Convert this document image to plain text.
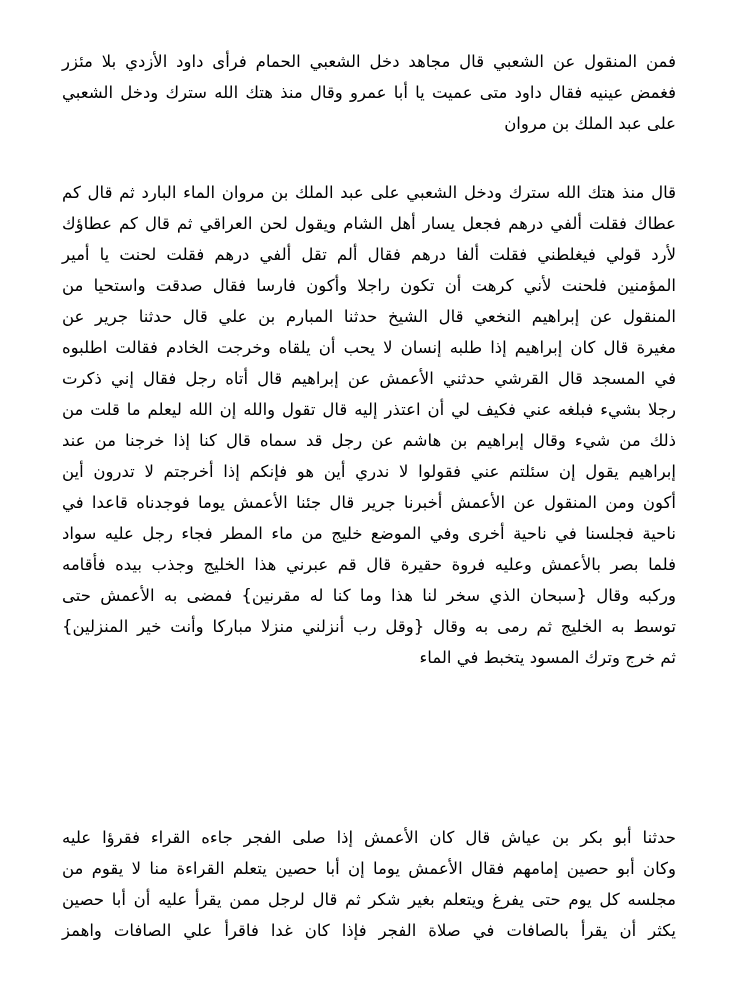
فمن المنقول عن الشعبي قال مجاهد دخل الشعبي الحمام فرأى داود الأزدي بلا مئزر
فغمض عينيه فقال داود متى عميت يا أبا عمرو وقال منذ هتك الله سترك ودخل الشعبي
على عبد الملك بن مروان
قال منذ هتك الله سترك ودخل الشعبي على عبد الملك بن مروان الماء البارد ثم قال كم
عطاك فقلت ألفي درهم فجعل يسار أهل الشام ويقول لحن العراقي ثم قال كم عطاؤك
لأرد قولي فيغلطني فقلت ألفا درهم فقال ألم تقل ألفي درهم فقلت لحنت يا أمير
المؤمنين فلحنت لأني كرهت أن تكون راجلا وأكون فارسا فقال صدقت واستحيا من
المنقول عن إبراهيم النخعي قال الشيخ حدثنا المبارم بن علي قال حدثنا جرير عن
مغيرة قال كان إبراهيم إذا طلبه إنسان لا يحب أن يلقاه وخرجت الخادم فقالت اطلبوه
في المسجد قال القرشي حدثني الأعمش عن إبراهيم قال أتاه رجل فقال إني ذكرت
رجلا بشيء فبلغه عني فكيف لي أن اعتذر إليه قال تقول والله إن الله ليعلم ما قلت من
ذلك من شيء وقال إبراهيم بن هاشم عن رجل قد سماه قال كنا إذا خرجنا من عند
إبراهيم يقول إن سئلتم عني فقولوا لا ندري أين هو فإنكم إذا أخرجتم لا تدرون أين
أكون ومن المنقول عن الأعمش أخبرنا جرير قال جئنا الأعمش يوما فوجدناه قاعدا في
ناحية فجلسنا في ناحية أخرى وفي الموضع خليج من ماء المطر فجاء رجل عليه سواد
فلما بصر بالأعمش وعليه فروة حقيرة قال قم عبرني هذا الخليج وجذب بيده فأقامه
وركبه وقال {سبحان الذي سخر لنا هذا وما كنا له مقرنين} فمضى به الأعمش حتى
توسط به الخليج ثم رمى به وقال {وقل رب أنزلني منزلا مباركا وأنت خير المنزلين}
ثم خرج وترك المسود يتخبط في الماء
حدثنا أبو بكر بن عياش قال كان الأعمش إذا صلى الفجر جاءه القراء فقرؤا عليه
وكان أبو حصين إمامهم فقال الأعمش يوما إن أبا حصين يتعلم القراءة منا لا يقوم من
مجلسه كل يوم حتى يفرغ ويتعلم بغير شكر ثم قال لرجل ممن يقرأ عليه أن أبا حصين
يكثر أن يقرأ بالصافات في صلاة الفجر فإذا كان غدا فاقرأ علي الصافات واهمز
